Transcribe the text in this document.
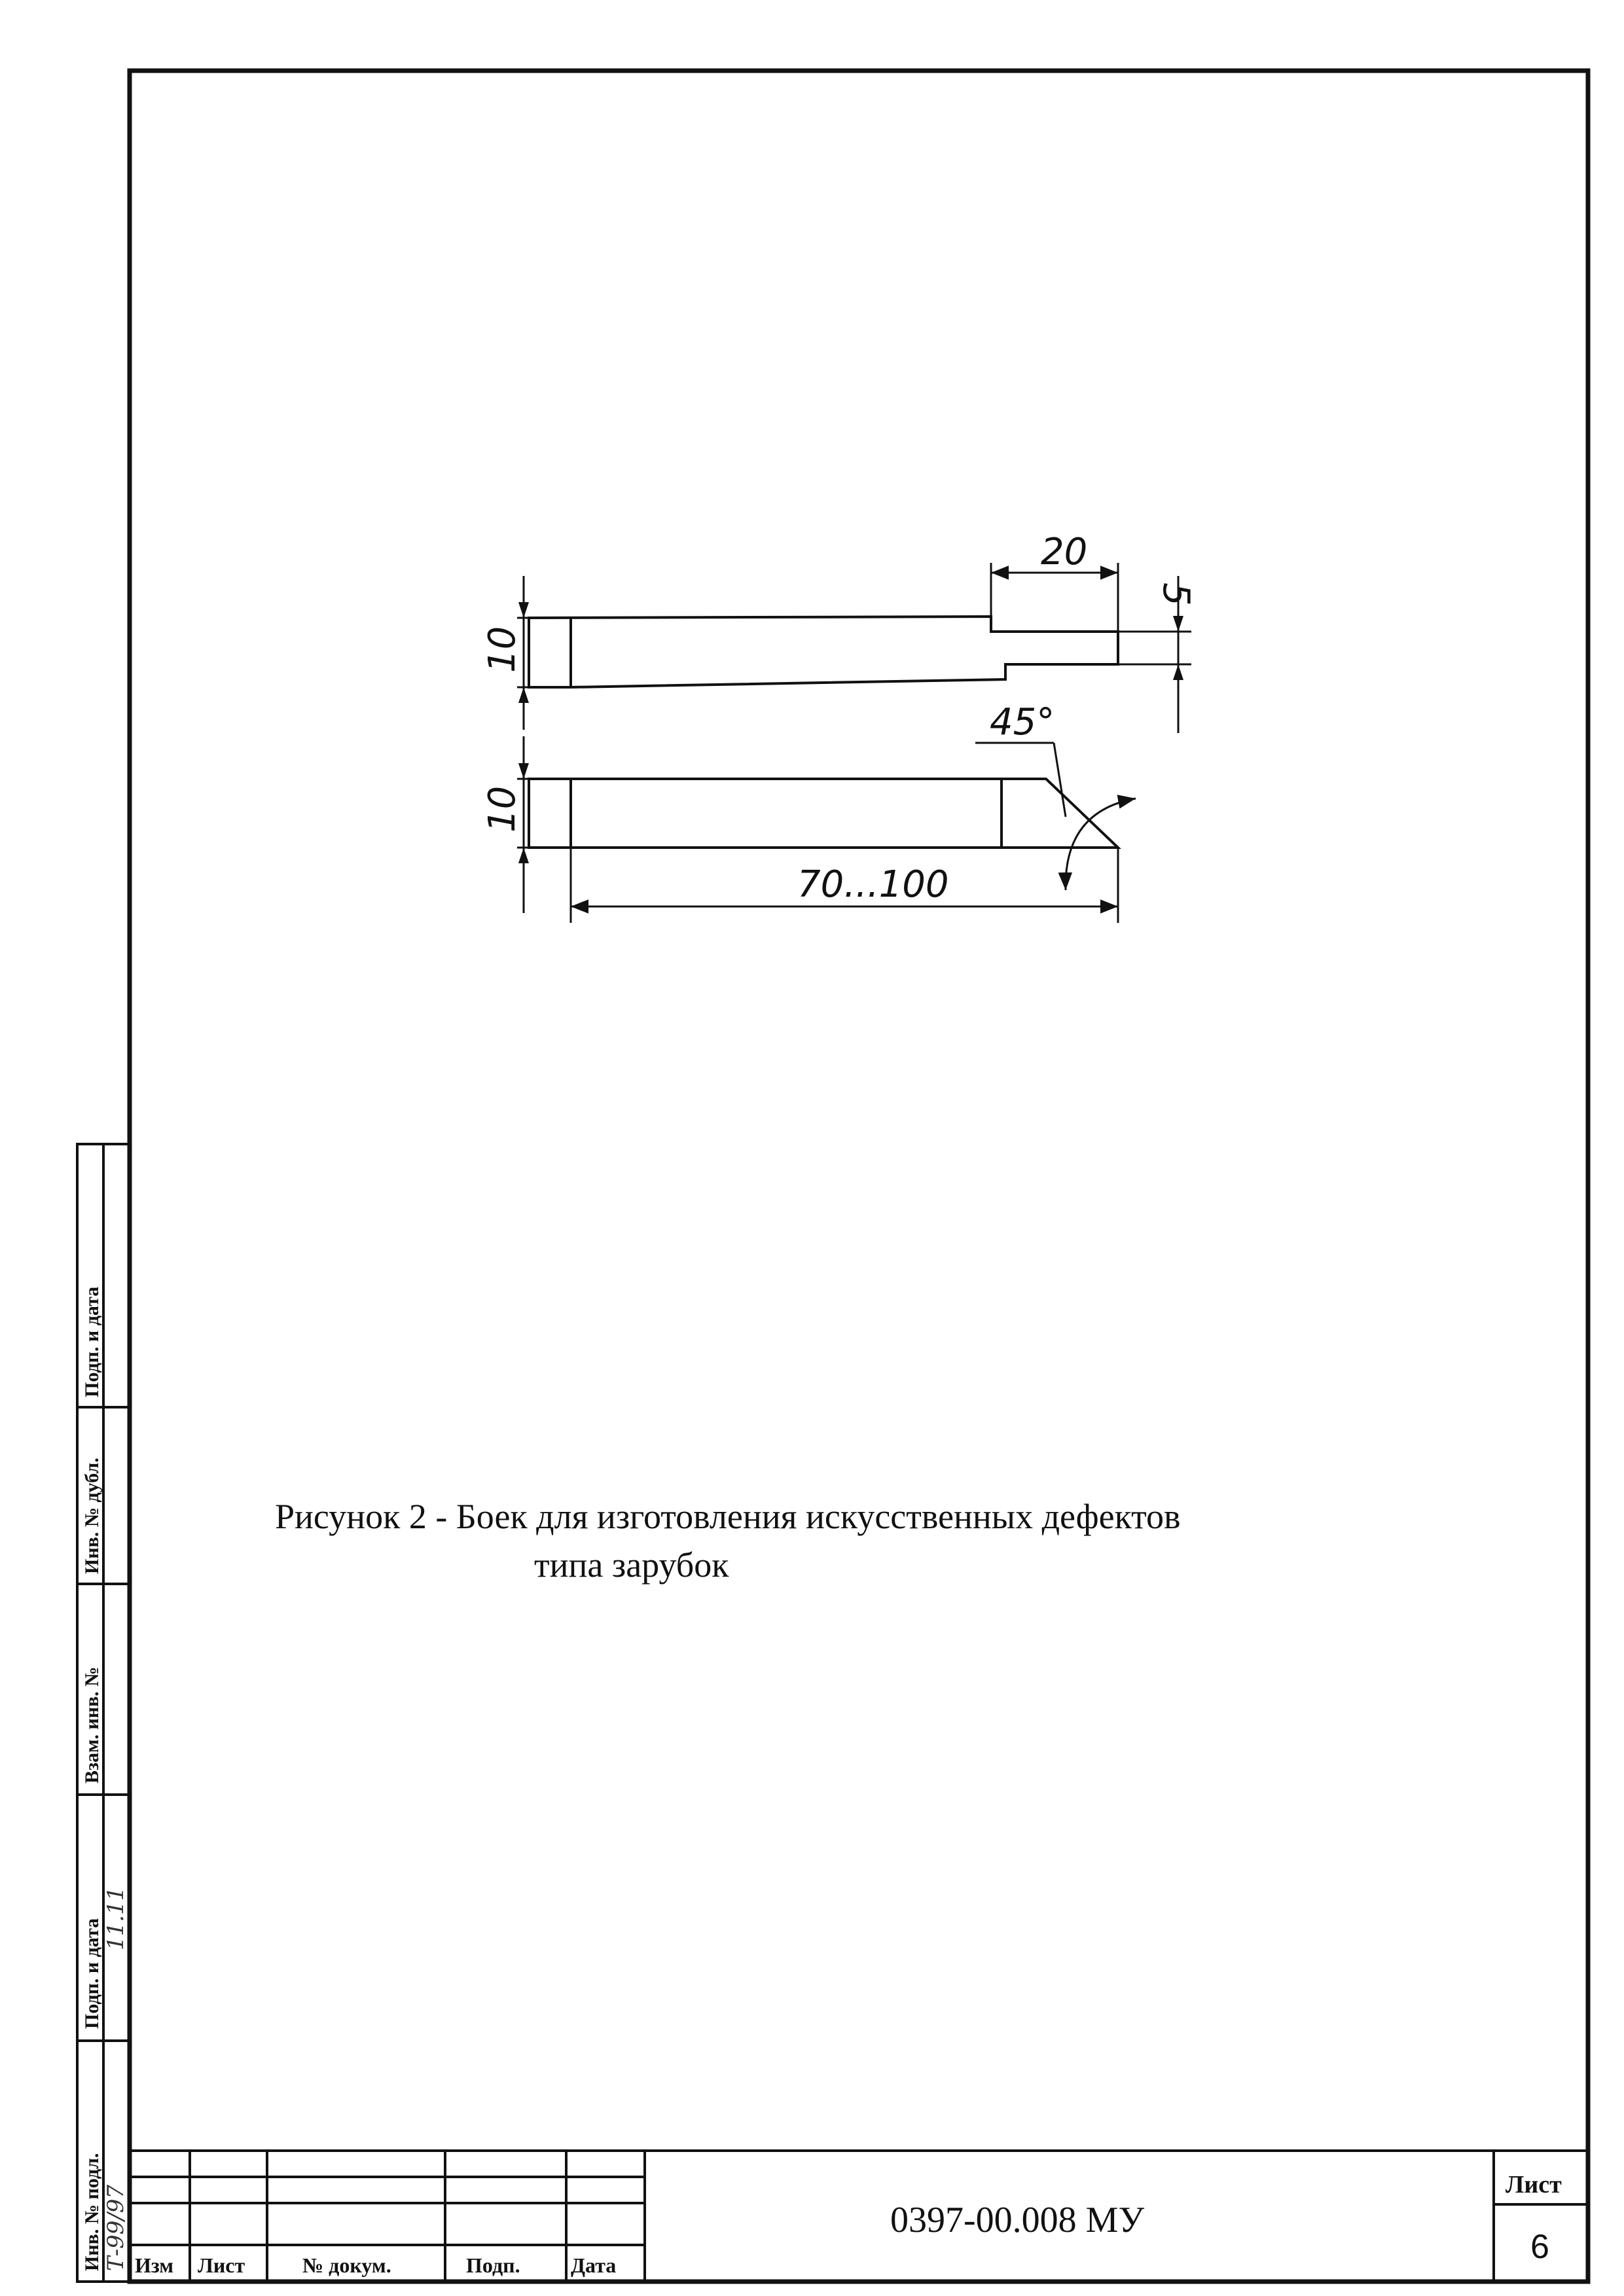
20
5
10
10
45°
70...100
Инв. № подл.
Подп. и дата
Взам. инв. №
Инв. № дубл.
Подп. и дата
Т-99/97
11.11
Изм Лист	№ докум.	Подп. Дата
Лист
0397-00.008 МУ
6
Рисунок 2 - Боек для изготовления искусственных дефектов
типа зарубок
